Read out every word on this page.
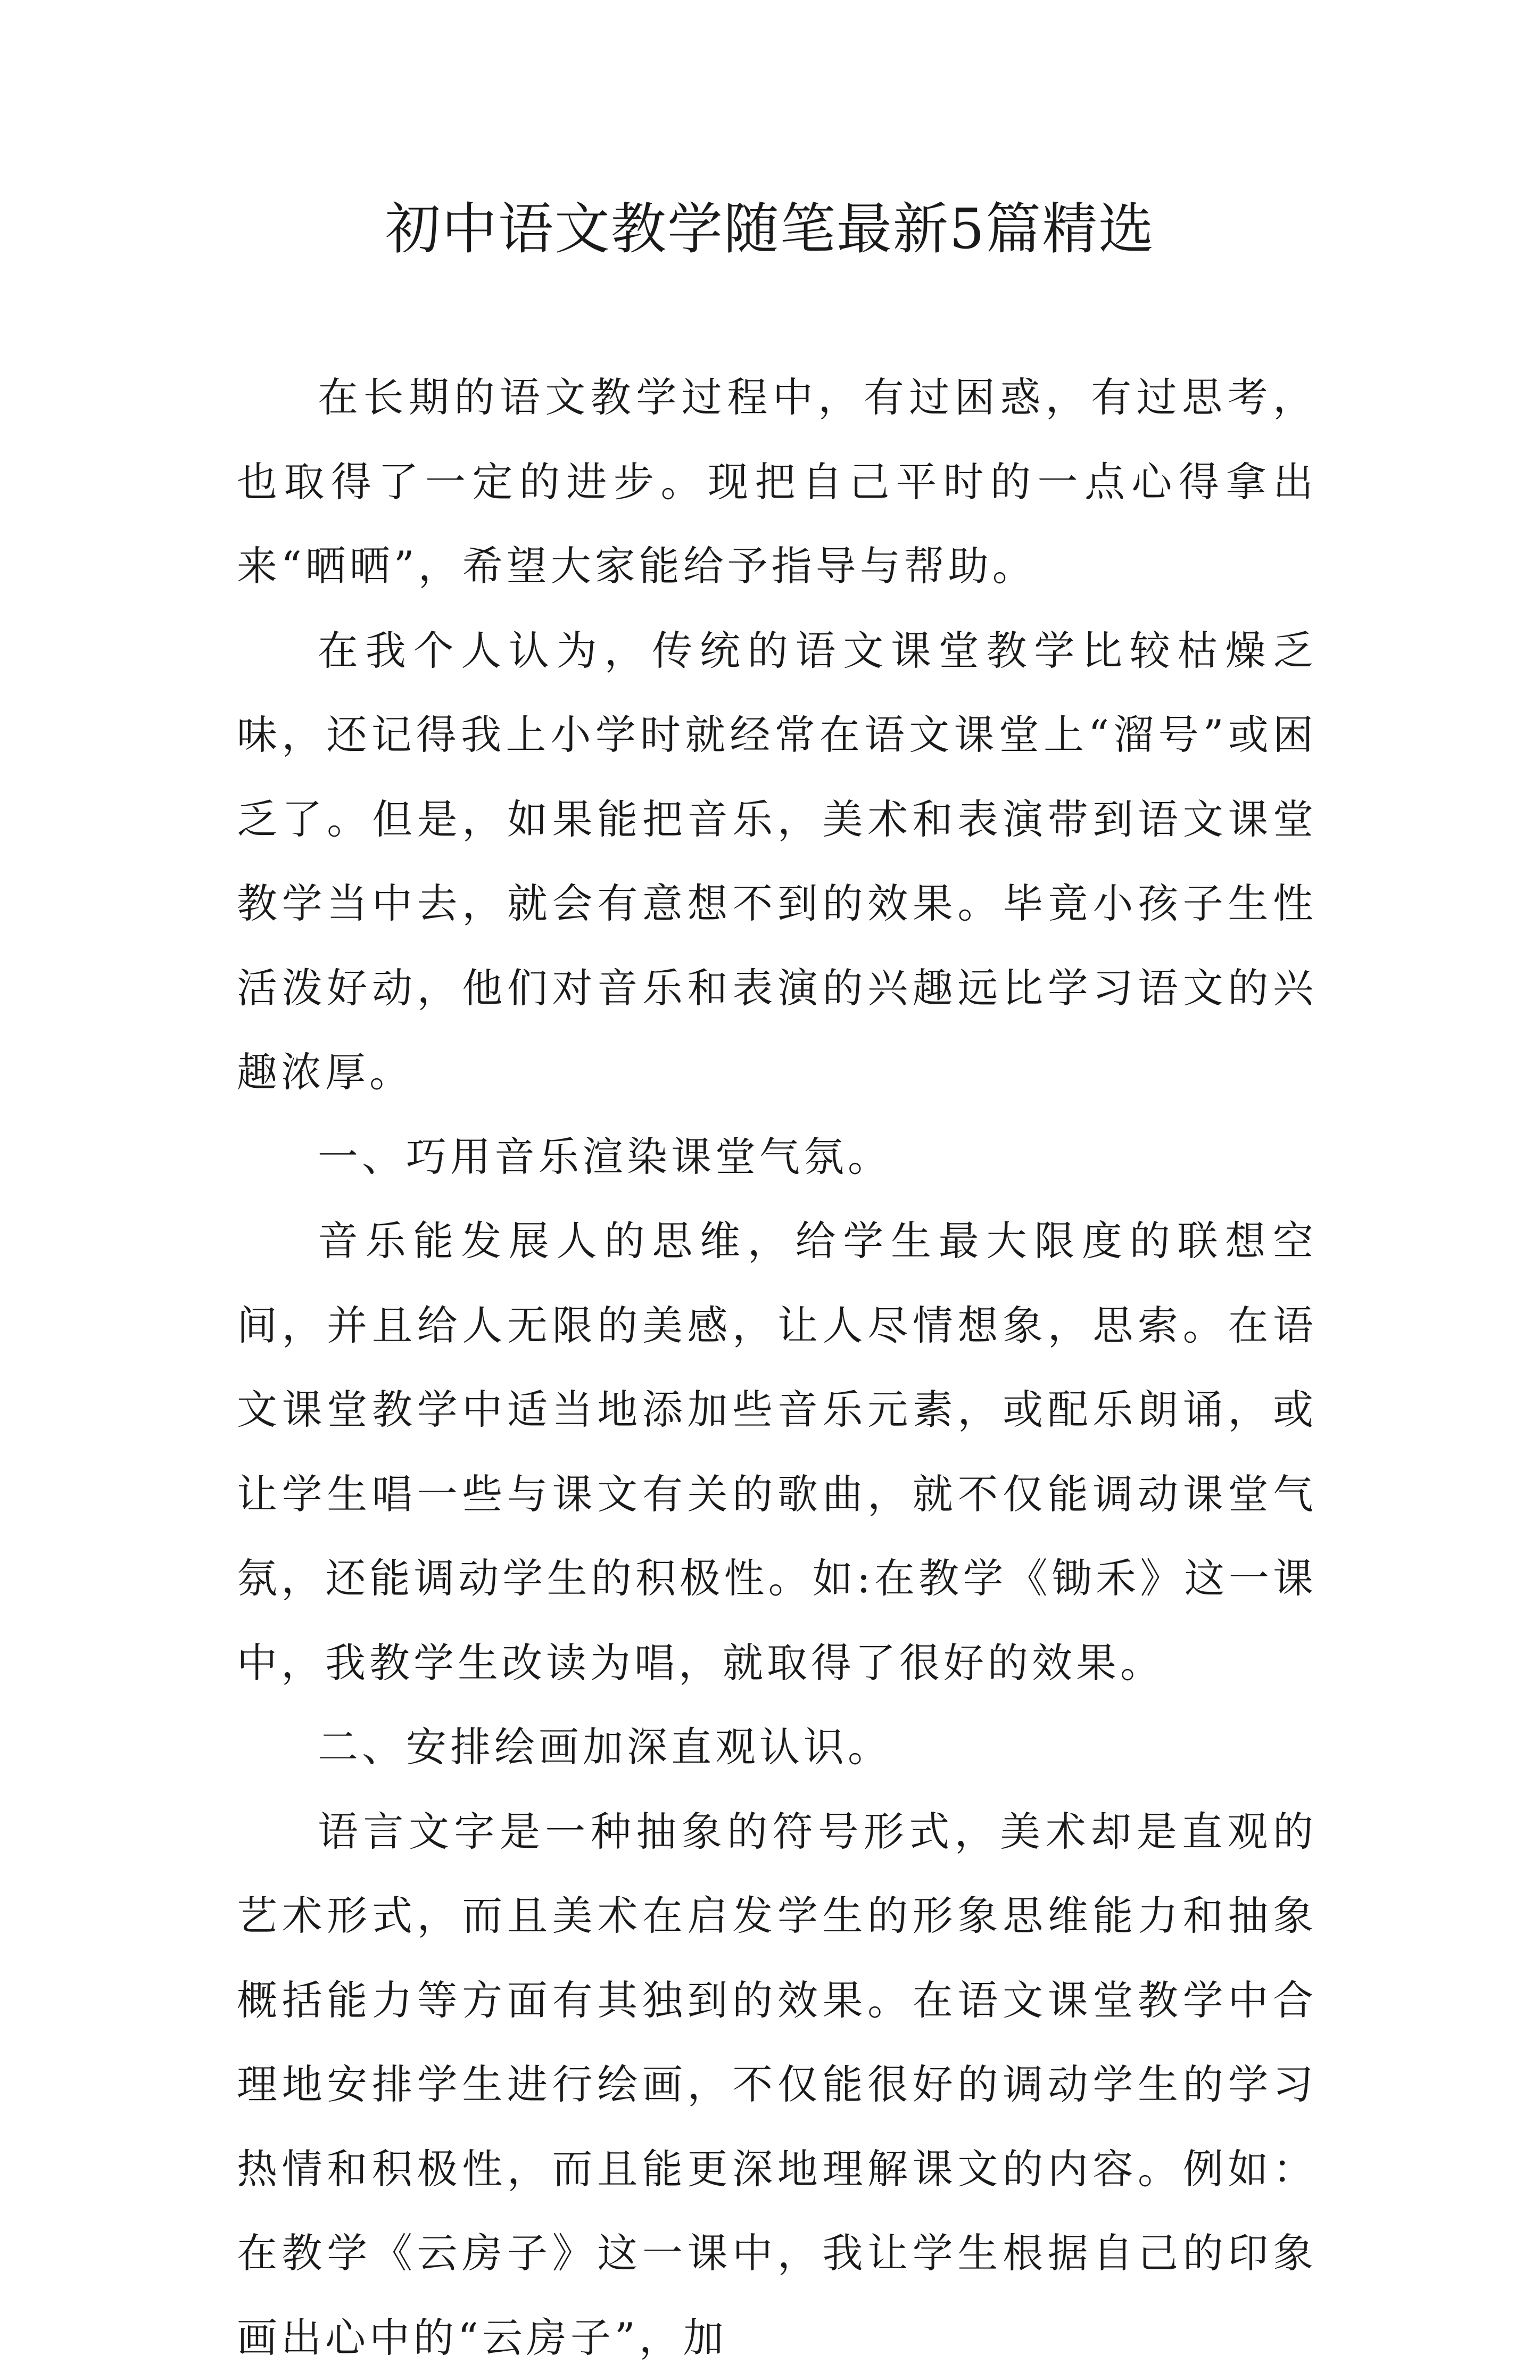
初中语文教学随笔最新5篇精选

在长期的语文教学过程中，有过困惑，有过思考，也取得了一定的进步。现把自己平时的一点心得拿出来“晒晒”，希望大家能给予指导与帮助。

在我个人认为，传统的语文课堂教学比较枯燥乏味，还记得我上小学时就经常在语文课堂上“溜号”或困乏了。但是，如果能把音乐，美术和表演带到语文课堂教学当中去，就会有意想不到的效果。毕竟小孩子生性活泼好动，他们对音乐和表演的兴趣远比学习语文的兴趣浓厚。

一、巧用音乐渲染课堂气氛。

音乐能发展人的思维，给学生最大限度的联想空间，并且给人无限的美感，让人尽情想象，思索。在语文课堂教学中适当地添加些音乐元素，或配乐朗诵，或让学生唱一些与课文有关的歌曲，就不仅能调动课堂气氛，还能调动学生的积极性。如:在教学《锄禾》这一课中，我教学生改读为唱，就取得了很好的效果。

二、安排绘画加深直观认识。

语言文字是一种抽象的符号形式，美术却是直观的艺术形式，而且美术在启发学生的形象思维能力和抽象概括能力等方面有其独到的效果。在语文课堂教学中合理地安排学生进行绘画，不仅能很好的调动学生的学习热情和积极性，而且能更深地理解课文的内容。例如：在教学《云房子》这一课中，我让学生根据自己的印象画出心中的“云房子”，加
